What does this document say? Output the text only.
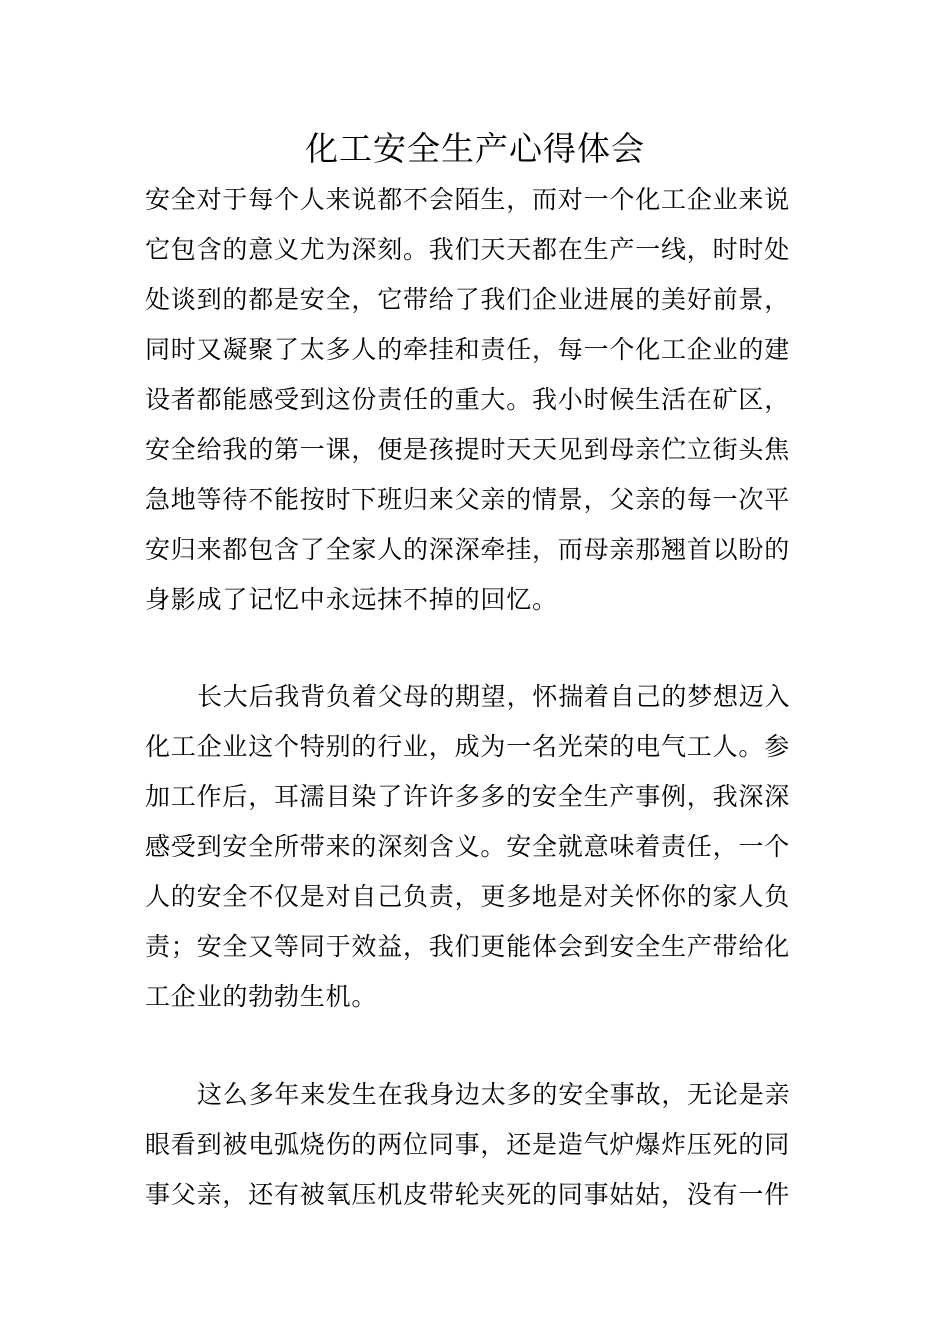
化工安全生产心得体会
安全对于每个人来说都不会陌生，而对一个化工企业来说
它包含的意义尤为深刻。我们天天都在生产一线，时时处
处谈到的都是安全，它带给了我们企业进展的美好前景，
同时又凝聚了太多人的牵挂和责任，每一个化工企业的建
设者都能感受到这份责任的重大。我小时候生活在矿区，
安全给我的第一课，便是孩提时天天见到母亲伫立街头焦
急地等待不能按时下班归来父亲的情景，父亲的每一次平
安归来都包含了全家人的深深牵挂，而母亲那翘首以盼的
身影成了记忆中永远抹不掉的回忆。
长大后我背负着父母的期望，怀揣着自己的梦想迈入
化工企业这个特别的行业，成为一名光荣的电气工人。参
加工作后，耳濡目染了许许多多的安全生产事例，我深深
感受到安全所带来的深刻含义。安全就意味着责任，一个
人的安全不仅是对自己负责，更多地是对关怀你的家人负
责；安全又等同于效益，我们更能体会到安全生产带给化
工企业的勃勃生机。
这么多年来发生在我身边太多的安全事故，无论是亲
眼看到被电弧烧伤的两位同事，还是造气炉爆炸压死的同
事父亲，还有被氧压机皮带轮夹死的同事姑姑，没有一件
